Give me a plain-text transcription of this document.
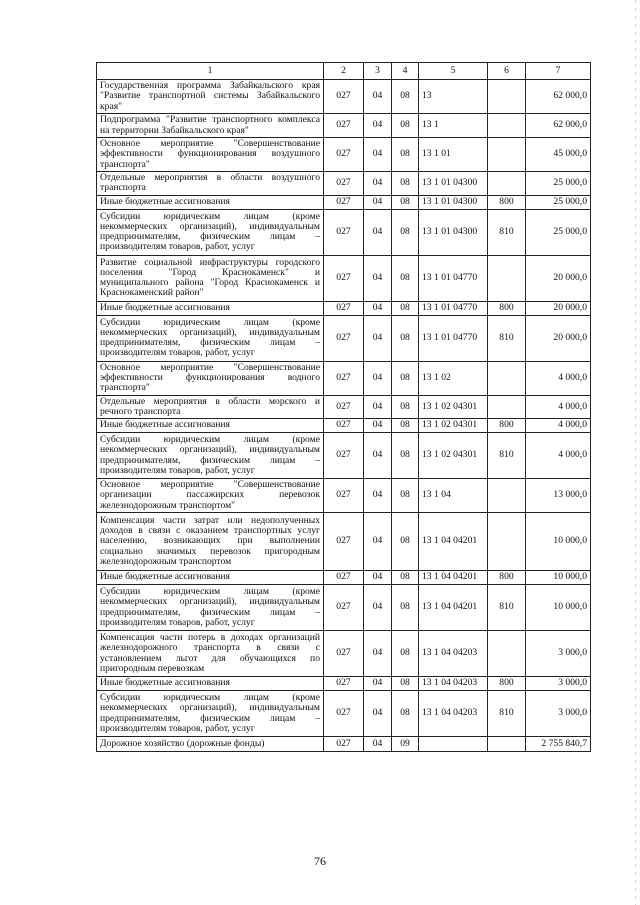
1	2	3	4	5	6	7
Государственная программа Забайкальского края "Развитие транспортной системы Забайкальского края"	027	04	08	13		62 000,0
Подпрограмма "Развитие транспортного комплекса на территории Забайкальского края"	027	04	08	13 1		62 000,0
Основное мероприятие "Совершенствование эффективности функционирования воздушного транспорта"	027	04	08	13 1 01		45 000,0
Отдельные мероприятия в области воздушного транспорта	027	04	08	13 1 01 04300		25 000,0
Иные бюджетные ассигнования	027	04	08	13 1 01 04300	800	25 000,0
Субсидии юридическим лицам (кроме некоммерческих организаций), индивидуальным предпринимателям, физическим лицам – производителям товаров, работ, услуг	027	04	08	13 1 01 04300	810	25 000,0
Развитие социальной инфраструктуры городского поселения "Город Краснокаменск" и муниципального района "Город Краснокаменск и Краснокаменский район"	027	04	08	13 1 01 04770		20 000,0
Иные бюджетные ассигнования	027	04	08	13 1 01 04770	800	20 000,0
Субсидии юридическим лицам (кроме некоммерческих организаций), индивидуальным предпринимателям, физическим лицам – производителям товаров, работ, услуг	027	04	08	13 1 01 04770	810	20 000,0
Основное мероприятие "Совершенствование эффективности функционирования водного транспорта"	027	04	08	13 1 02		4 000,0
Отдельные мероприятия в области морского и речного транспорта	027	04	08	13 1 02 04301		4 000,0
Иные бюджетные ассигнования	027	04	08	13 1 02 04301	800	4 000,0
Субсидии юридическим лицам (кроме некоммерческих организаций), индивидуальным предпринимателям, физическим лицам – производителям товаров, работ, услуг	027	04	08	13 1 02 04301	810	4 000,0
Основное мероприятие "Совершенствование организации пассажирских перевозок железнодорожным транспортом"	027	04	08	13 1 04		13 000,0
Компенсация части затрат или недополученных доходов в связи с оказанием транспортных услуг населению, возникающих при выполнении социально значимых перевозок пригородным железнодорожным транспортом	027	04	08	13 1 04 04201		10 000,0
Иные бюджетные ассигнования	027	04	08	13 1 04 04201	800	10 000,0
Субсидии юридическим лицам (кроме некоммерческих организаций), индивидуальным предпринимателям, физическим лицам – производителям товаров, работ, услуг	027	04	08	13 1 04 04201	810	10 000,0
Компенсация части потерь в доходах организаций железнодорожного транспорта в связи с установлением льгот для обучающихся по пригородным перевозкам	027	04	08	13 1 04 04203		3 000,0
Иные бюджетные ассигнования	027	04	08	13 1 04 04203	800	3 000,0
Субсидии юридическим лицам (кроме некоммерческих организаций), индивидуальным предпринимателям, физическим лицам – производителям товаров, работ, услуг	027	04	08	13 1 04 04203	810	3 000,0
Дорожное хозяйство (дорожные фонды)	027	04	09			2 755 840,7
76
